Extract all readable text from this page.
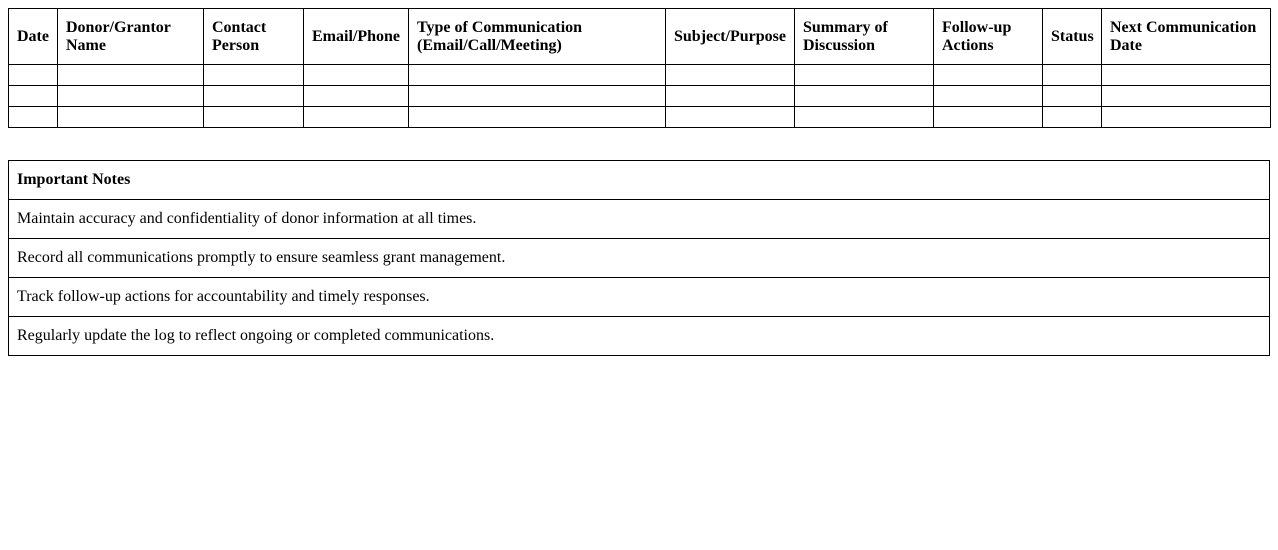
Date	Donor/Grantor Name	Contact Person	Email/Phone	Type of Communication (Email/Call/Meeting)	Subject/Purpose	Summary of Discussion	Follow-up Actions	Status	Next Communication Date

Important Notes
Maintain accuracy and confidentiality of donor information at all times.
Record all communications promptly to ensure seamless grant management.
Track follow-up actions for accountability and timely responses.
Regularly update the log to reflect ongoing or completed communications.
